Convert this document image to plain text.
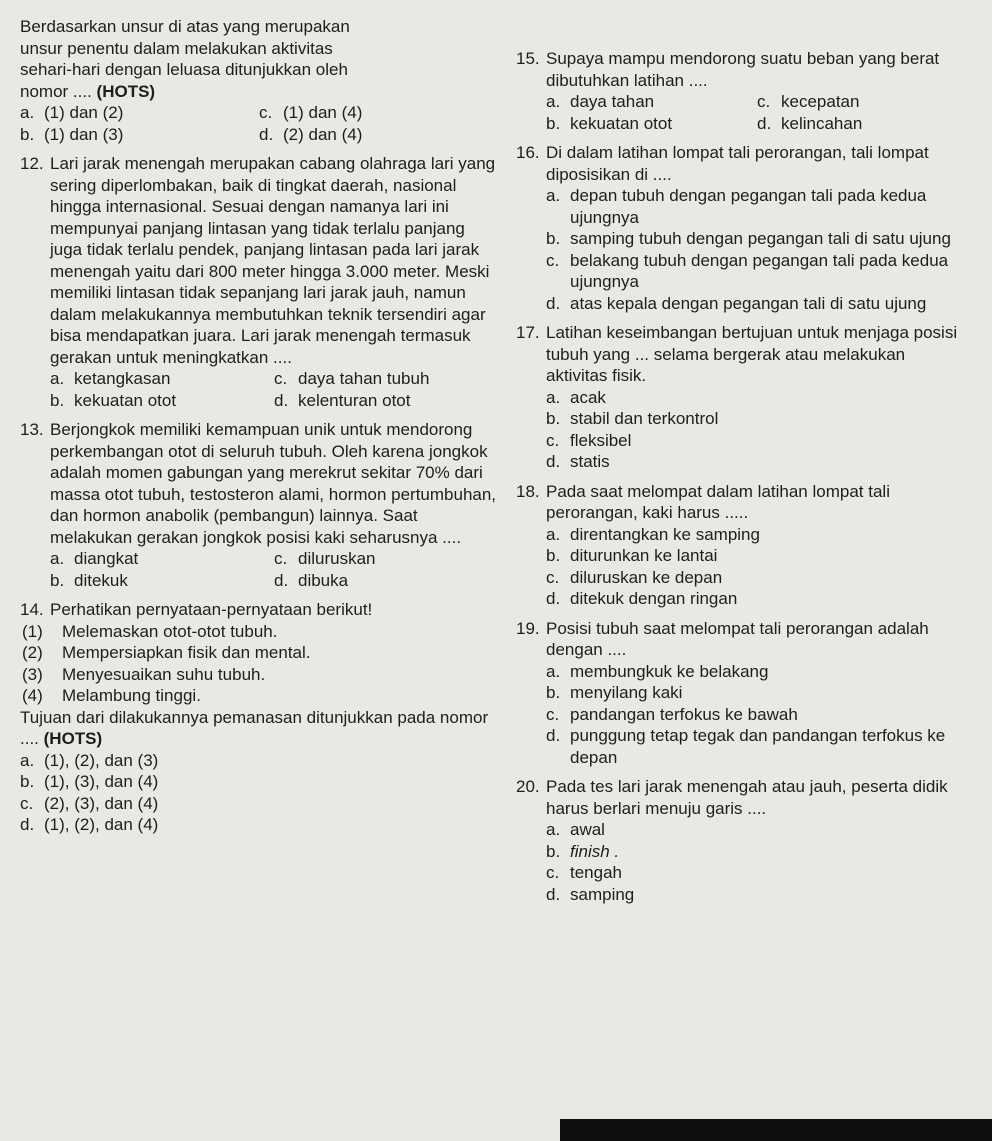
Berdasarkan unsur di atas yang merupakan

unsur penentu dalam melakukan aktivitas

sehari-hari dengan leluasa ditunjukkan oleh

nomor .... (HOTS)

a. (1) dan (2)	c. (1) dan (4)
b. (1) dan (3)	d. (2) dan (4)
12. Lari jarak menengah merupakan cabang olahraga lari yang sering diperlombakan, baik di tingkat daerah, nasional hingga internasional. Sesuai dengan namanya lari ini mempunyai panjang lintasan yang tidak terlalu panjang juga tidak terlalu pendek, panjang lintasan pada lari jarak menengah yaitu dari 800 meter hingga 3.000 meter. Meski memiliki lintasan tidak sepanjang lari jarak jauh, namun dalam melakukannya membutuhkan teknik tersendiri agar bisa mendapatkan juara. Lari jarak menengah termasuk gerakan untuk meningkatkan ....

a. ketangkasan	c. daya tahan tubuh
b. kekuatan otot	d. kelenturan otot
13. Berjongkok memiliki kemampuan unik untuk mendorong perkembangan otot di seluruh tubuh. Oleh karena jongkok adalah momen gabungan yang merekrut sekitar 70% dari massa otot tubuh, testosteron alami, hormon pertumbuhan, dan hormon anabolik (pembangun) lainnya. Saat melakukan gerakan jongkok posisi kaki seharusnya ....

a. diangkat	c. diluruskan
b. ditekuk	d. dibuka
14. Perhatikan pernyataan-pernyataan berikut!

(1)	Melemaskan otot-otot tubuh.
(2)	Mempersiapkan fisik dan mental.
(3)	Menyesuaikan suhu tubuh.
(4)	Melambung tinggi.

Tujuan dari dilakukannya pemanasan ditunjukkan pada nomor .... (HOTS)

a. (1), (2), dan (3)
b. (1), (3), dan (4)
c. (2), (3), dan (4)
d. (1), (2), dan (4)
15. Supaya mampu mendorong suatu beban yang berat dibutuhkan latihan ....

a. daya tahan	c. kecepatan
b. kekuatan otot	d. kelincahan
16. Di dalam latihan lompat tali perorangan, tali lompat diposisikan di ....

a. depan tubuh dengan pegangan tali pada kedua ujungnya
b. samping tubuh dengan pegangan tali di satu ujung
c. belakang tubuh dengan pegangan tali pada kedua ujungnya
d. atas kepala dengan pegangan tali di satu ujung
17. Latihan keseimbangan bertujuan untuk menjaga posisi tubuh yang ... selama bergerak atau melakukan aktivitas fisik.

a. acak
b. stabil dan terkontrol
c. fleksibel
d. statis
18. Pada saat melompat dalam latihan lompat tali perorangan, kaki harus .....

a. direntangkan ke samping
b. diturunkan ke lantai
c. diluruskan ke depan
d. ditekuk dengan ringan
19. Posisi tubuh saat melompat tali perorangan adalah dengan ....

a. membungkuk ke belakang
b. menyilang kaki
c. pandangan terfokus ke bawah
d. punggung tetap tegak dan pandangan terfokus ke depan
20. Pada tes lari jarak menengah atau jauh, peserta didik harus berlari menuju garis ....

a. awal
b. finish .
c. tengah
d. samping
